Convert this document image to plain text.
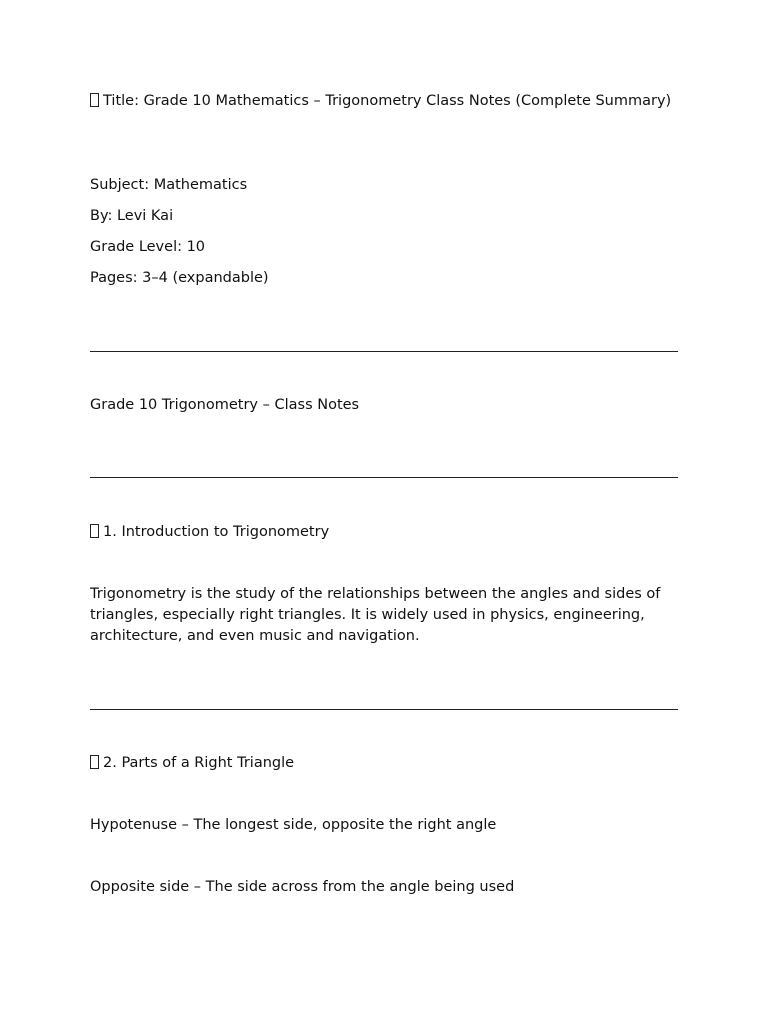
Title: Grade 10 Mathematics – Trigonometry Class Notes (Complete Summary)

Subject: Mathematics

By: Levi Kai

Grade Level: 10

Pages: 3–4 (expandable)

Grade 10 Trigonometry – Class Notes

1. Introduction to Trigonometry

Trigonometry is the study of the relationships between the angles and sides of triangles, especially right triangles. It is widely used in physics, engineering, architecture, and even music and navigation.

2. Parts of a Right Triangle

Hypotenuse – The longest side, opposite the right angle

Opposite side – The side across from the angle being used
